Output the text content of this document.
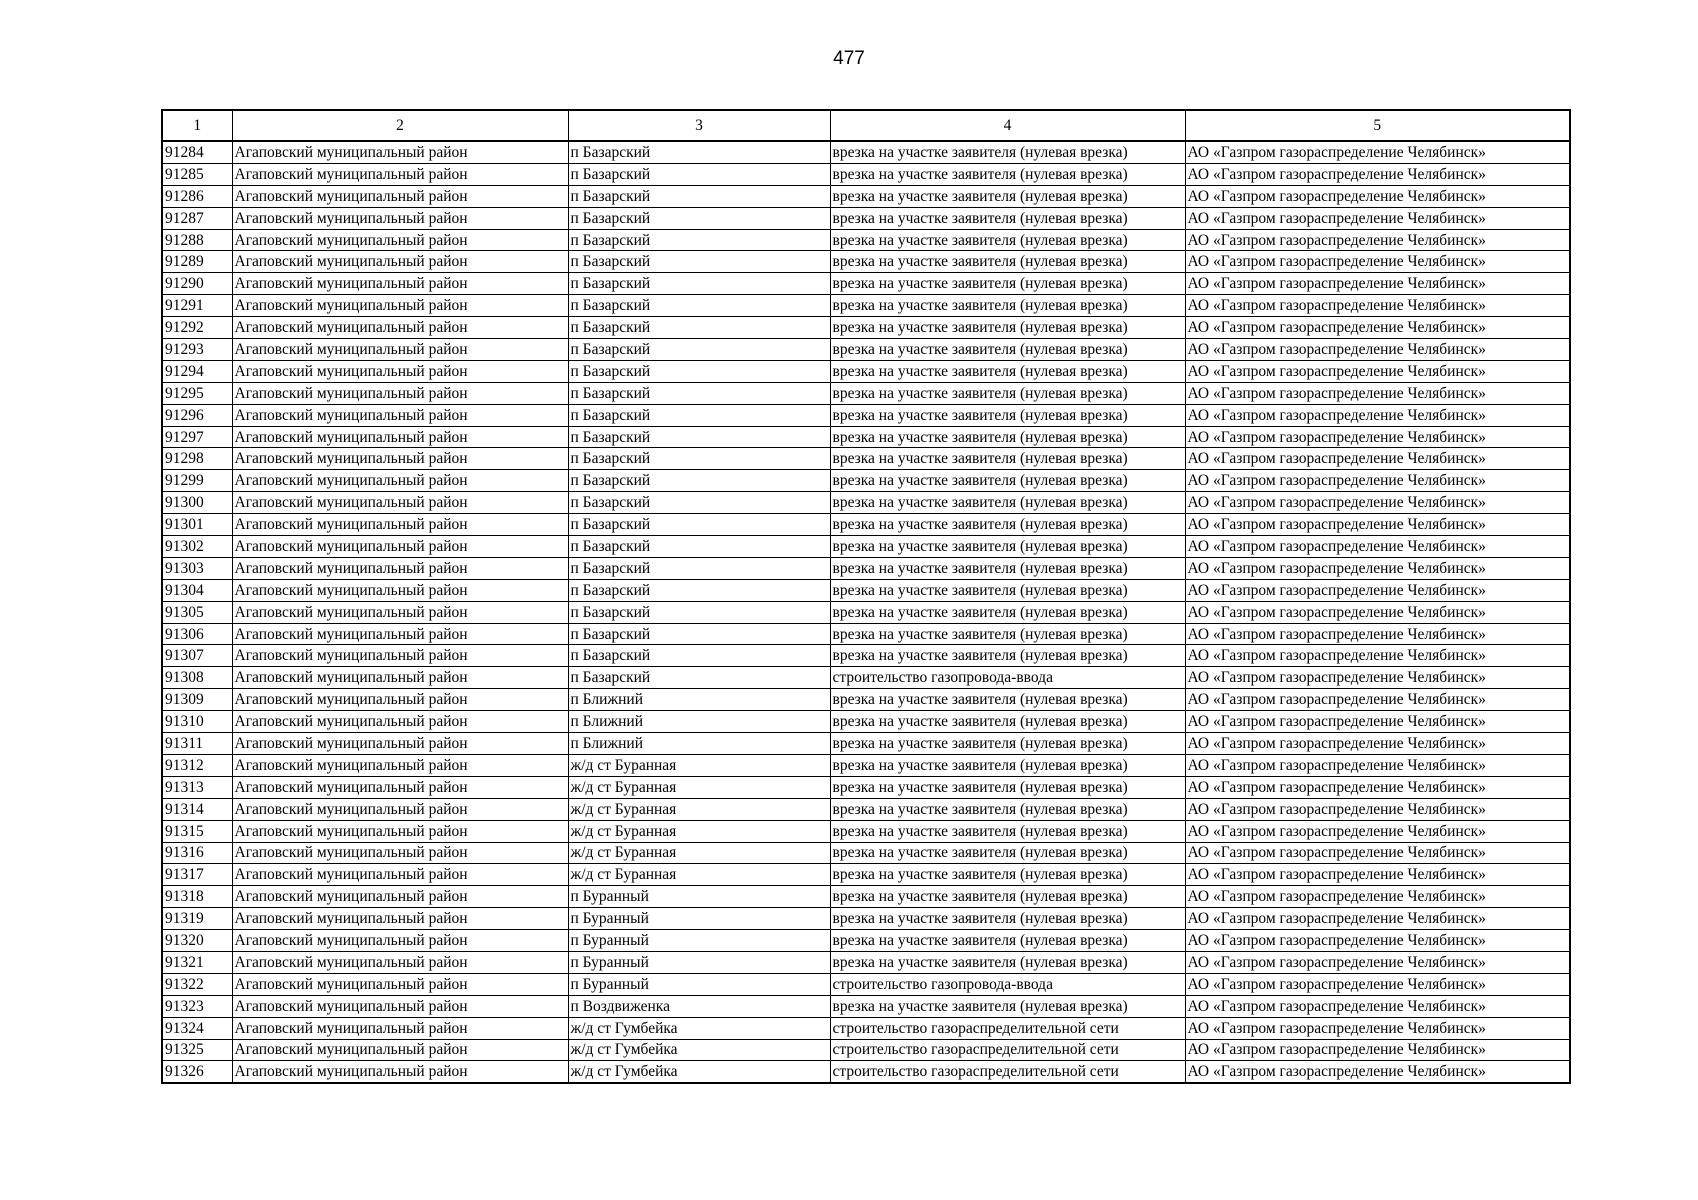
477
1	2	3	4	5
91284	Агаповский муниципальный район	п Базарский	врезка на участке заявителя (нулевая врезка)	АО «Газпром газораспределение Челябинск»
91285	Агаповский муниципальный район	п Базарский	врезка на участке заявителя (нулевая врезка)	АО «Газпром газораспределение Челябинск»
91286	Агаповский муниципальный район	п Базарский	врезка на участке заявителя (нулевая врезка)	АО «Газпром газораспределение Челябинск»
91287	Агаповский муниципальный район	п Базарский	врезка на участке заявителя (нулевая врезка)	АО «Газпром газораспределение Челябинск»
91288	Агаповский муниципальный район	п Базарский	врезка на участке заявителя (нулевая врезка)	АО «Газпром газораспределение Челябинск»
91289	Агаповский муниципальный район	п Базарский	врезка на участке заявителя (нулевая врезка)	АО «Газпром газораспределение Челябинск»
91290	Агаповский муниципальный район	п Базарский	врезка на участке заявителя (нулевая врезка)	АО «Газпром газораспределение Челябинск»
91291	Агаповский муниципальный район	п Базарский	врезка на участке заявителя (нулевая врезка)	АО «Газпром газораспределение Челябинск»
91292	Агаповский муниципальный район	п Базарский	врезка на участке заявителя (нулевая врезка)	АО «Газпром газораспределение Челябинск»
91293	Агаповский муниципальный район	п Базарский	врезка на участке заявителя (нулевая врезка)	АО «Газпром газораспределение Челябинск»
91294	Агаповский муниципальный район	п Базарский	врезка на участке заявителя (нулевая врезка)	АО «Газпром газораспределение Челябинск»
91295	Агаповский муниципальный район	п Базарский	врезка на участке заявителя (нулевая врезка)	АО «Газпром газораспределение Челябинск»
91296	Агаповский муниципальный район	п Базарский	врезка на участке заявителя (нулевая врезка)	АО «Газпром газораспределение Челябинск»
91297	Агаповский муниципальный район	п Базарский	врезка на участке заявителя (нулевая врезка)	АО «Газпром газораспределение Челябинск»
91298	Агаповский муниципальный район	п Базарский	врезка на участке заявителя (нулевая врезка)	АО «Газпром газораспределение Челябинск»
91299	Агаповский муниципальный район	п Базарский	врезка на участке заявителя (нулевая врезка)	АО «Газпром газораспределение Челябинск»
91300	Агаповский муниципальный район	п Базарский	врезка на участке заявителя (нулевая врезка)	АО «Газпром газораспределение Челябинск»
91301	Агаповский муниципальный район	п Базарский	врезка на участке заявителя (нулевая врезка)	АО «Газпром газораспределение Челябинск»
91302	Агаповский муниципальный район	п Базарский	врезка на участке заявителя (нулевая врезка)	АО «Газпром газораспределение Челябинск»
91303	Агаповский муниципальный район	п Базарский	врезка на участке заявителя (нулевая врезка)	АО «Газпром газораспределение Челябинск»
91304	Агаповский муниципальный район	п Базарский	врезка на участке заявителя (нулевая врезка)	АО «Газпром газораспределение Челябинск»
91305	Агаповский муниципальный район	п Базарский	врезка на участке заявителя (нулевая врезка)	АО «Газпром газораспределение Челябинск»
91306	Агаповский муниципальный район	п Базарский	врезка на участке заявителя (нулевая врезка)	АО «Газпром газораспределение Челябинск»
91307	Агаповский муниципальный район	п Базарский	врезка на участке заявителя (нулевая врезка)	АО «Газпром газораспределение Челябинск»
91308	Агаповский муниципальный район	п Базарский	строительство газопровода-ввода	АО «Газпром газораспределение Челябинск»
91309	Агаповский муниципальный район	п Ближний	врезка на участке заявителя (нулевая врезка)	АО «Газпром газораспределение Челябинск»
91310	Агаповский муниципальный район	п Ближний	врезка на участке заявителя (нулевая врезка)	АО «Газпром газораспределение Челябинск»
91311	Агаповский муниципальный район	п Ближний	врезка на участке заявителя (нулевая врезка)	АО «Газпром газораспределение Челябинск»
91312	Агаповский муниципальный район	ж/д ст Буранная	врезка на участке заявителя (нулевая врезка)	АО «Газпром газораспределение Челябинск»
91313	Агаповский муниципальный район	ж/д ст Буранная	врезка на участке заявителя (нулевая врезка)	АО «Газпром газораспределение Челябинск»
91314	Агаповский муниципальный район	ж/д ст Буранная	врезка на участке заявителя (нулевая врезка)	АО «Газпром газораспределение Челябинск»
91315	Агаповский муниципальный район	ж/д ст Буранная	врезка на участке заявителя (нулевая врезка)	АО «Газпром газораспределение Челябинск»
91316	Агаповский муниципальный район	ж/д ст Буранная	врезка на участке заявителя (нулевая врезка)	АО «Газпром газораспределение Челябинск»
91317	Агаповский муниципальный район	ж/д ст Буранная	врезка на участке заявителя (нулевая врезка)	АО «Газпром газораспределение Челябинск»
91318	Агаповский муниципальный район	п Буранный	врезка на участке заявителя (нулевая врезка)	АО «Газпром газораспределение Челябинск»
91319	Агаповский муниципальный район	п Буранный	врезка на участке заявителя (нулевая врезка)	АО «Газпром газораспределение Челябинск»
91320	Агаповский муниципальный район	п Буранный	врезка на участке заявителя (нулевая врезка)	АО «Газпром газораспределение Челябинск»
91321	Агаповский муниципальный район	п Буранный	врезка на участке заявителя (нулевая врезка)	АО «Газпром газораспределение Челябинск»
91322	Агаповский муниципальный район	п Буранный	строительство газопровода-ввода	АО «Газпром газораспределение Челябинск»
91323	Агаповский муниципальный район	п Воздвиженка	врезка на участке заявителя (нулевая врезка)	АО «Газпром газораспределение Челябинск»
91324	Агаповский муниципальный район	ж/д ст Гумбейка	строительство газораспределительной сети	АО «Газпром газораспределение Челябинск»
91325	Агаповский муниципальный район	ж/д ст Гумбейка	строительство газораспределительной сети	АО «Газпром газораспределение Челябинск»
91326	Агаповский муниципальный район	ж/д ст Гумбейка	строительство газораспределительной сети	АО «Газпром газораспределение Челябинск»
